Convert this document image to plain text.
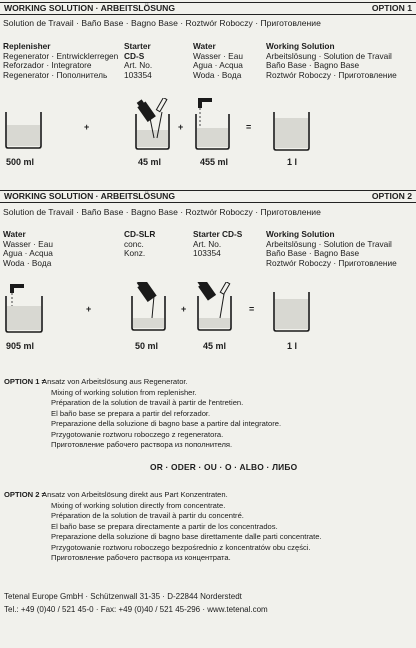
WORKING SOLUTION · ARBEITSLÖSUNG	OPTION 1
Solution de Travail · Baño Base · Bagno Base · Roztwór Roboczy · Приготовление
Replenisher
Regenerator · Entrwicklerregen
Reforzador · Integratore
Regenerator · Пополнитель
Starter
CD-S
Art. No.
103354
Water
Wasser · Eau
Agua · Acqua
Woda · Вода
Working Solution
Arbeitslösung · Solution de Travail
Baño Base · Bagno Base
Roztwór Roboczy · Приготовление
+	+	=
500 ml	45 ml	455 ml	1 l
WORKING SOLUTION · ARBEITSLÖSUNG	OPTION 2
Solution de Travail · Baño Base · Bagno Base · Roztwór Roboczy · Приготовление
Water
Wasser · Eau
Agua · Acqua
Woda · Вода
CD-SLR
conc.
Konz.
Starter CD-S
Art. No.
103354
Working Solution
Arbeitslösung · Solution de Travail
Baño Base · Bagno Base
Roztwór Roboczy · Приготовление
+	+	=
905 ml	50 ml	45 ml	1 l
OPTION 1 =
Ansatz von Arbeitslösung aus Regenerator.
Mixing of working solution from replenisher.
Préparation de la solution de travail à partir de l'entretien.
El baño base se prepara a partir del reforzador.
Preparazione della soluzione di bagno base a partire dal integratore.
Przygotowanie roztworu roboczego z regeneratora.
Приготовление рабочего раствора из пополнителя.
OR · ODER · OU · O · ALBO · ЛИБО
OPTION 2 =
Ansatz von Arbeitslösung direkt aus Part Konzentraten.
Mixing of working solution directly from concentrate.
Préparation de la solution de travail à partir du concentré.
El baño base se prepara directamente a partir de los concentrados.
Preparazione della soluzione di bagno base direttamente dalle parti concentrate.
Przygotowanie roztworu roboczego bezpośrednio z koncentratów obu części.
Приготовление рабочего раствора из концентрата.
Tetenal Europe GmbH · Schützenwall 31-35 · D-22844 Norderstedt
Tel.: +49 (0)40 / 521 45-0 · Fax: +49 (0)40 / 521 45-296 · www.tetenal.com
